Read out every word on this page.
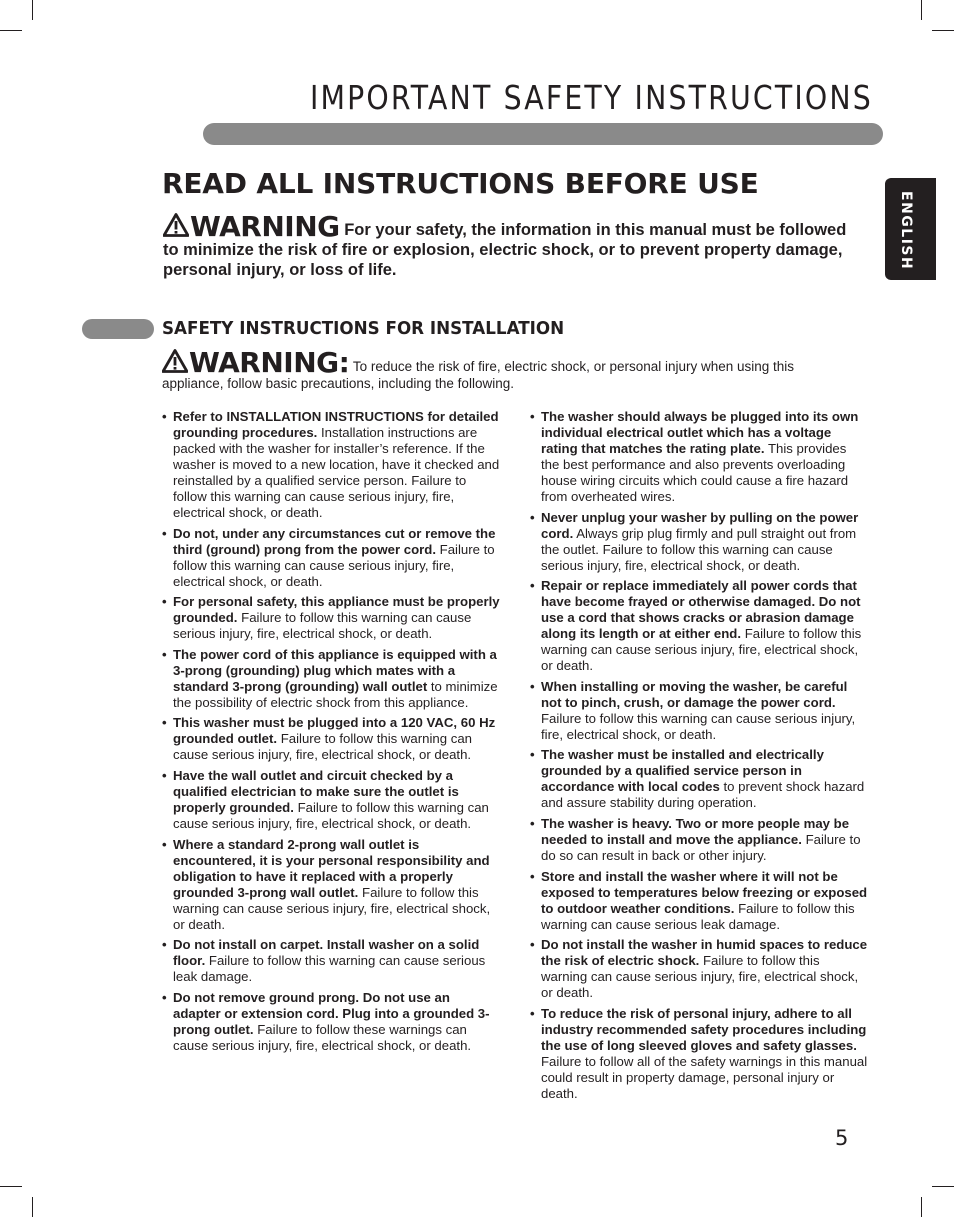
IMPORTANT SAFETY INSTRUCTIONS
ENGLISH
READ ALL INSTRUCTIONS BEFORE USE
WARNING For your safety, the information in this manual must be followed to minimize the risk of fire or explosion, electric shock, or to prevent property damage, personal injury, or loss of life.
SAFETY INSTRUCTIONS FOR INSTALLATION
WARNING: To reduce the risk of fire, electric shock, or personal injury when using this appliance, follow basic precautions, including the following.
• Refer to INSTALLATION INSTRUCTIONS for detailed grounding procedures. Installation instructions are packed with the washer for installer’s reference. If the washer is moved to a new location, have it checked and reinstalled by a qualified service person. Failure to follow this warning can cause serious injury, fire, electrical shock, or death.
• Do not, under any circumstances cut or remove the third (ground) prong from the power cord. Failure to follow this warning can cause serious injury, fire, electrical shock, or death.
• For personal safety, this appliance must be properly grounded. Failure to follow this warning can cause serious injury, fire, electrical shock, or death.
• The power cord of this appliance is equipped with a 3-prong (grounding) plug which mates with a standard 3-prong (grounding) wall outlet to minimize the possibility of electric shock from this appliance.
• This washer must be plugged into a 120 VAC, 60 Hz grounded outlet. Failure to follow this warning can cause serious injury, fire, electrical shock, or death.
• Have the wall outlet and circuit checked by a qualified electrician to make sure the outlet is properly grounded. Failure to follow this warning can cause serious injury, fire, electrical shock, or death.
• Where a standard 2-prong wall outlet is encountered, it is your personal responsibility and obligation to have it replaced with a properly grounded 3-prong wall outlet. Failure to follow this warning can cause serious injury, fire, electrical shock, or death.
• Do not install on carpet. Install washer on a solid floor. Failure to follow this warning can cause serious leak damage.
• Do not remove ground prong. Do not use an adapter or extension cord. Plug into a grounded 3-prong outlet. Failure to follow these warnings can cause serious injury, fire, electrical shock, or death.
• The washer should always be plugged into its own individual electrical outlet which has a voltage rating that matches the rating plate. This provides the best performance and also prevents overloading house wiring circuits which could cause a fire hazard from overheated wires.
• Never unplug your washer by pulling on the power cord. Always grip plug firmly and pull straight out from the outlet. Failure to follow this warning can cause serious injury, fire, electrical shock, or death.
• Repair or replace immediately all power cords that have become frayed or otherwise damaged. Do not use a cord that shows cracks or abrasion damage along its length or at either end. Failure to follow this warning can cause serious injury, fire, electrical shock, or death.
• When installing or moving the washer, be careful not to pinch, crush, or damage the power cord. Failure to follow this warning can cause serious injury, fire, electrical shock, or death.
• The washer must be installed and electrically grounded by a qualified service person in accordance with local codes to prevent shock hazard and assure stability during operation.
• The washer is heavy. Two or more people may be needed to install and move the appliance. Failure to do so can result in back or other injury.
• Store and install the washer where it will not be exposed to temperatures below freezing or exposed to outdoor weather conditions. Failure to follow this warning can cause serious leak damage.
• Do not install the washer in humid spaces to reduce the risk of electric shock. Failure to follow this warning can cause serious injury, fire, electrical shock, or death.
• To reduce the risk of personal injury, adhere to all industry recommended safety procedures including the use of long sleeved gloves and safety glasses. Failure to follow all of the safety warnings in this manual could result in property damage, personal injury or death.
5
